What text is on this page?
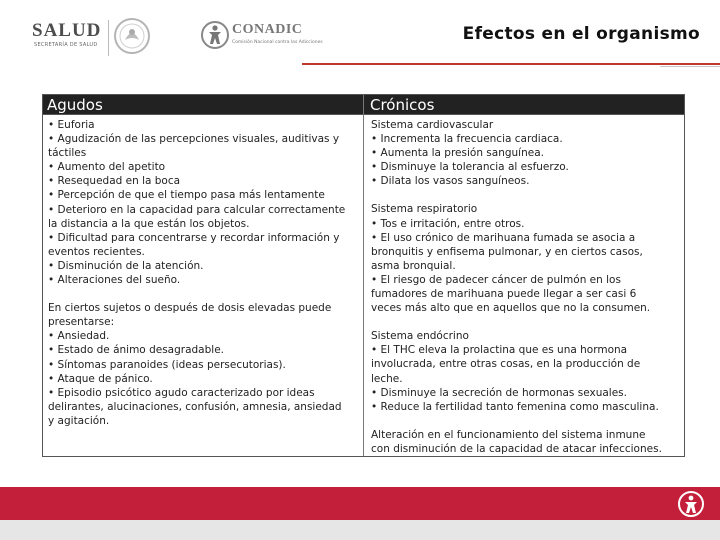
SALUD
SECRETARÍA DE SALUD
CONADIC
Comisión Nacional contra las Adicciones	Efectos en el organismo
Agudos

• Euforia

• Agudización de las percepciones visuales, auditivas y

táctiles

• Aumento del apetito

• Resequedad en la boca

• Percepción de que el tiempo pasa más lentamente

• Deterioro en la capacidad para calcular correctamente

la distancia a la que están los objetos.

• Dificultad para concentrarse y recordar información y

eventos recientes.

• Disminución de la atención.

• Alteraciones del sueño.

En ciertos sujetos o después de dosis elevadas puede

presentarse:

• Ansiedad.

• Estado de ánimo desagradable.

• Síntomas paranoides (ideas persecutorias).

• Ataque de pánico.

• Episodio psicótico agudo caracterizado por ideas

delirantes, alucinaciones, confusión, amnesia, ansiedad

y agitación.

Crónicos

Sistema cardiovascular

• Incrementa la frecuencia cardiaca.

• Aumenta la presión sanguínea.

• Disminuye la tolerancia al esfuerzo.

• Dilata los vasos sanguíneos.

Sistema respiratorio

• Tos e irritación, entre otros.

• El uso crónico de marihuana fumada se asocia a

bronquitis y enfisema pulmonar, y en ciertos casos,

asma bronquial.

• El riesgo de padecer cáncer de pulmón en los

fumadores de marihuana puede llegar a ser casi 6

veces más alto que en aquellos que no la consumen.

Sistema endócrino

• El THC eleva la prolactina que es una hormona

involucrada, entre otras cosas, en la producción de

leche.

• Disminuye la secreción de hormonas sexuales.

• Reduce la fertilidad tanto femenina como masculina.

Alteración en el funcionamiento del sistema inmune

con disminución de la capacidad de atacar infecciones.
